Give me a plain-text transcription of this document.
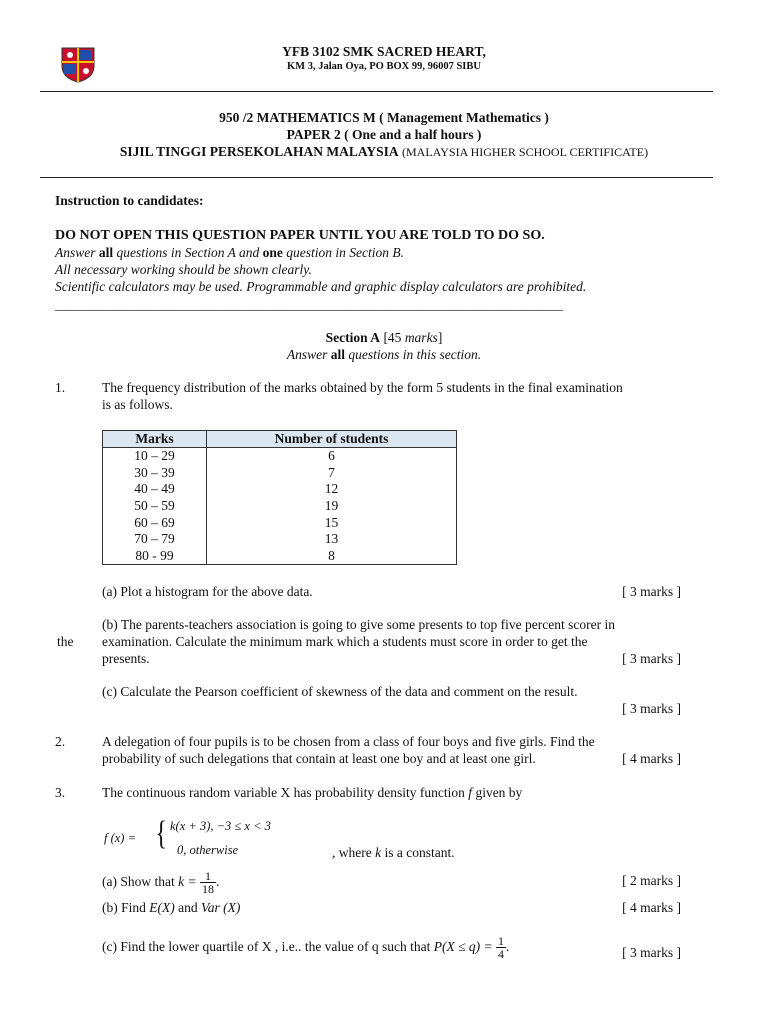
YFB 3102 SMK SACRED HEART,
KM 3, Jalan Oya, PO BOX 99, 96007 SIBU
950 /2 MATHEMATICS M ( Management Mathematics )
PAPER 2 ( One and a half hours )
SIJIL TINGGI PERSEKOLAHAN MALAYSIA (MALAYSIA HIGHER SCHOOL CERTIFICATE)
Instruction to candidates:
DO NOT OPEN THIS QUESTION PAPER UNTIL YOU ARE TOLD TO DO SO.
Answer all questions in Section A and one question in Section B.
All necessary working should be shown clearly.
Scientific calculators may be used. Programmable and graphic display calculators are prohibited.
______________________________________________________________________________________
Section A [45 marks]
Answer all questions in this section.
1.	The frequency distribution of the marks obtained by the form 5 students in the final examination
is as follows.
Marks	Number of students
10 – 29	6
30 – 39	7
40 – 49	12
50 – 59	19
60 – 69	15
70 – 79	13
80 - 99	8
(a) Plot a histogram for the above data.	[ 3 marks ]
(b) The parents-teachers association is going to give some presents to top five percent scorer in
the examination. Calculate the minimum mark which a students must score in order to get the
presents.	[ 3 marks ]
(c) Calculate the Pearson coefficient of skewness of the data and comment on the result.
[ 3 marks ]
2.	A delegation of four pupils is to be chosen from a class of four boys and five girls. Find the
probability of such delegations that contain at least one boy and at least one girl.	[ 4 marks ]
3.	The continuous random variable X has probability density function f given by
f (x) = { k(x + 3), −3 ≤ x < 3
0, otherwise	, where k is a constant.
(a) Show that $k = \frac{1}{18}$ .	[ 2 marks ]
(b) Find E(X) and Var (X)	[ 4 marks ]
(c) Find the lower quartile of X , i.e.. the value of q such that $P(X \le q) = \frac{1}{4}$ .	[ 3 marks ]
